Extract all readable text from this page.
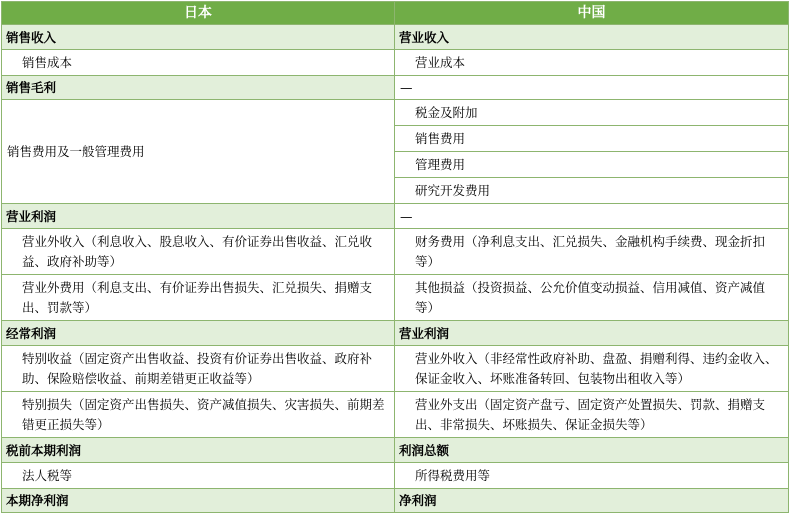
日本	中国
销售收入	营业收入
销售成本	营业成本
销售毛利	—
销售费用及一般管理费用	税金及附加
	销售费用
	管理费用
	研究开发费用
营业利润	—
营业外收入（利息收入、股息收入、有价证券出售收益、汇兑收益、政府补助等）	财务费用（净利息支出、汇兑损失、金融机构手续费、现金折扣等）
营业外费用（利息支出、有价证券出售损失、汇兑损失、捐赠支出、罚款等）	其他损益（投资损益、公允价值变动损益、信用减值、资产减值等）
经常利润	营业利润
特别收益（固定资产出售收益、投资有价证券出售收益、政府补助、保险赔偿收益、前期差错更正收益等）	营业外收入（非经常性政府补助、盘盈、捐赠利得、违约金收入、保证金收入、坏账准备转回、包装物出租收入等）
特别损失（固定资产出售损失、资产减值损失、灾害损失、前期差错更正损失等）	营业外支出（固定资产盘亏、固定资产处置损失、罚款、捐赠支出、非常损失、坏账损失、保证金损失等）
税前本期利润	利润总额
法人税等	所得税费用等
本期净利润	净利润
